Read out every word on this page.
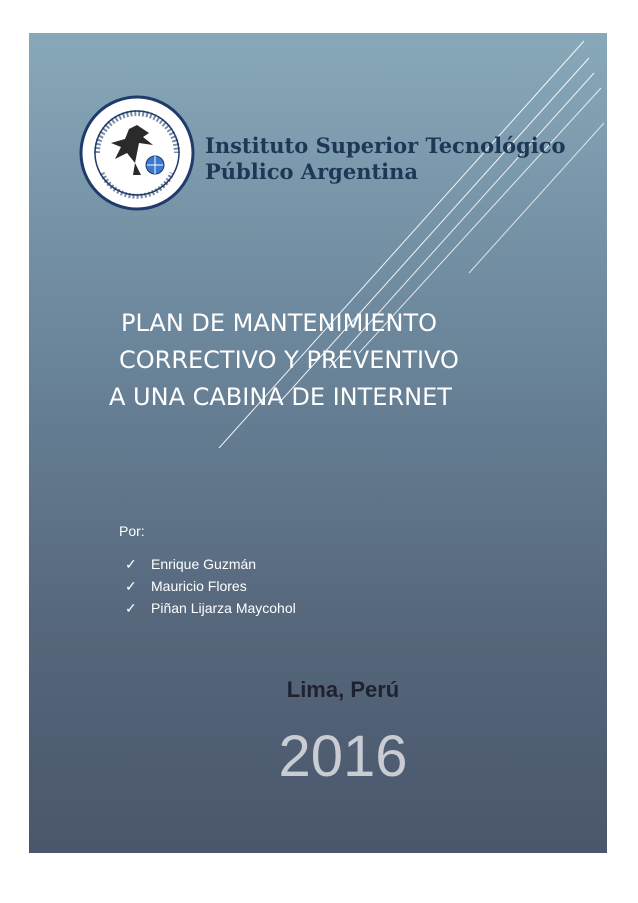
Instituto Superior Tecnológico
Público Argentina
PLAN DE MANTENIMIENTO
CORRECTIVO Y PREVENTIVO
A UNA CABINA DE INTERNET
Por:
✓ Enrique Guzmán
✓ Mauricio Flores
✓ Piñan Lijarza Maycohol
Lima, Perú
2016
